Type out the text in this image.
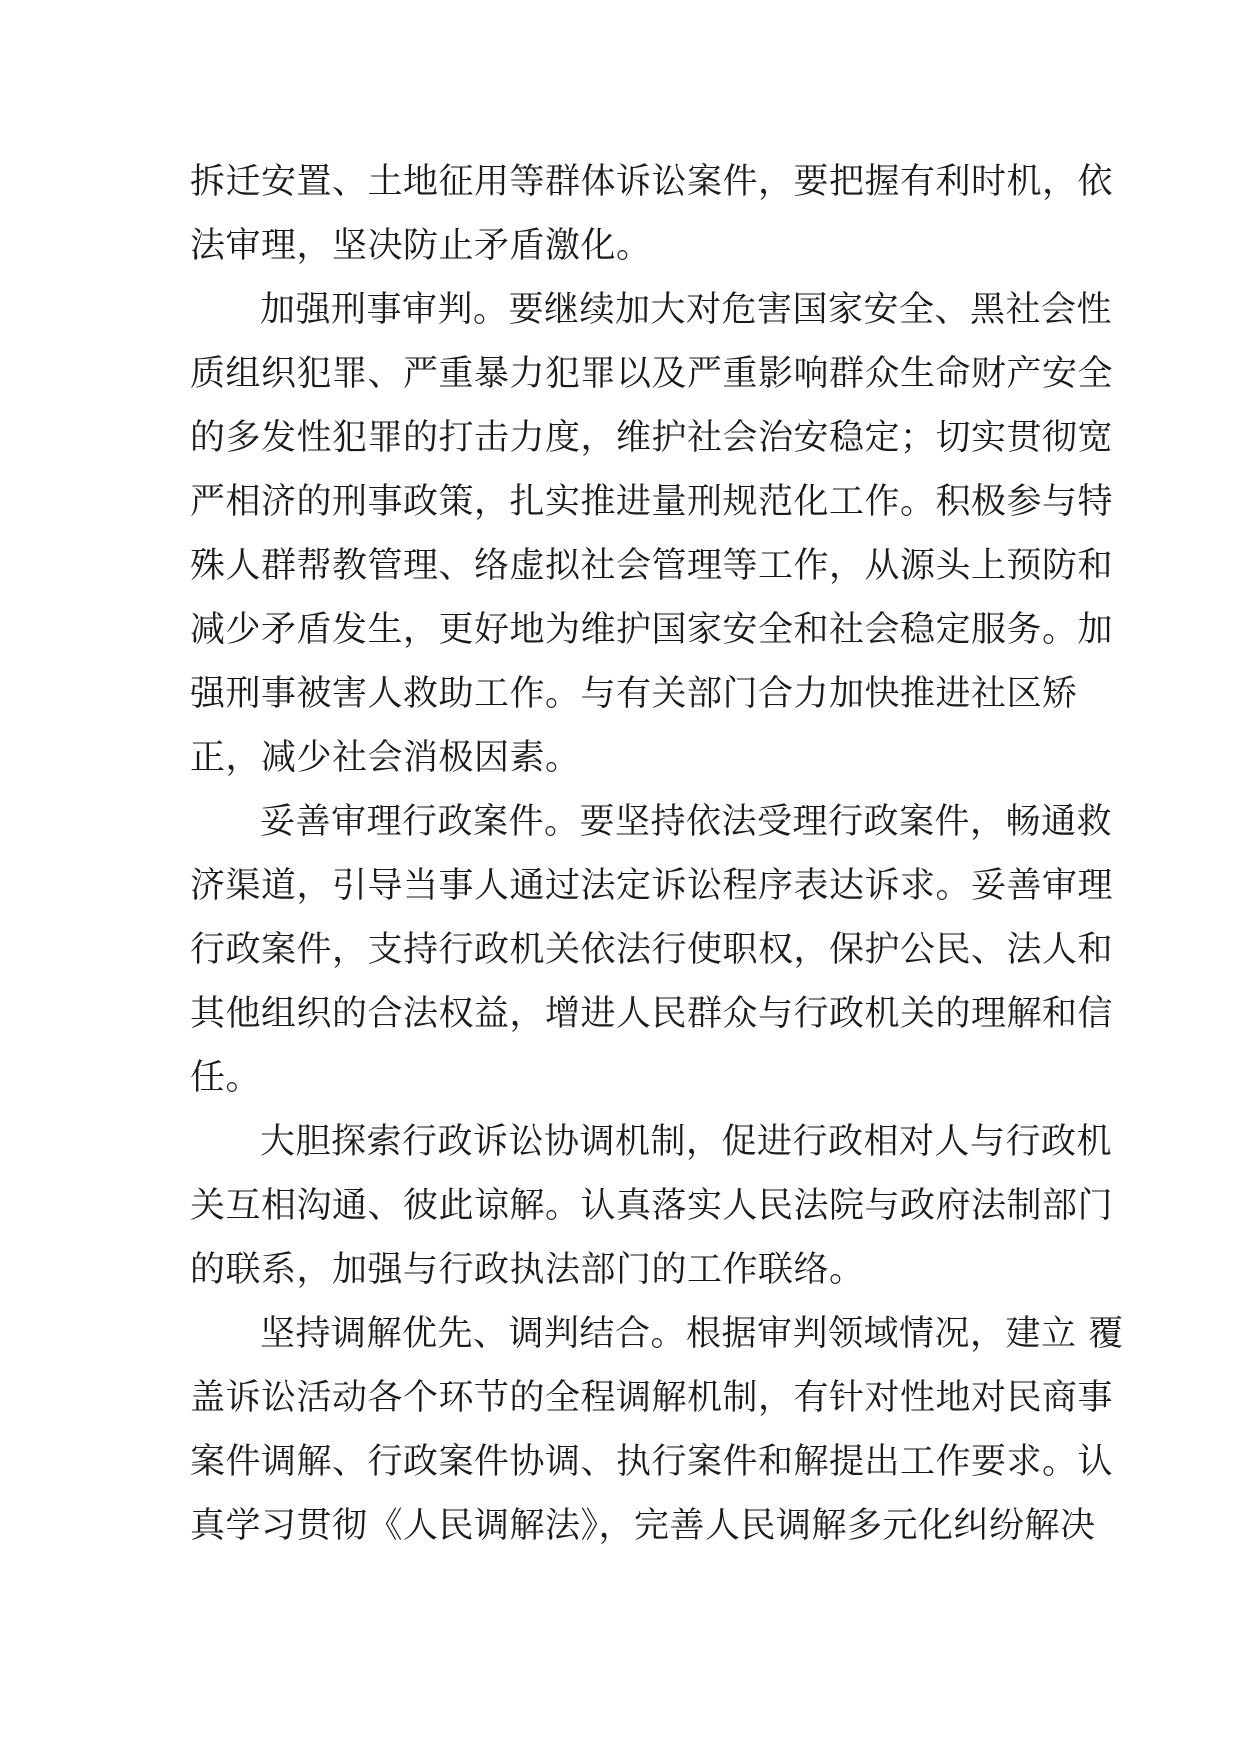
拆迁安置、土地征用等群体诉讼案件，要把握有利时机，依
法审理，坚决防止矛盾激化。
加强刑事审判。要继续加大对危害国家安全、黑社会性
质组织犯罪、严重暴力犯罪以及严重影响群众生命财产安全
的多发性犯罪的打击力度，维护社会治安稳定；切实贯彻宽
严相济的刑事政策，扎实推进量刑规范化工作。积极参与特
殊人群帮教管理、络虚拟社会管理等工作，从源头上预防和
减少矛盾发生，更好地为维护国家安全和社会稳定服务。加
强刑事被害人救助工作。与有关部门合力加快推进社区矫
正，减少社会消极因素。
妥善审理行政案件。要坚持依法受理行政案件，畅通救
济渠道，引导当事人通过法定诉讼程序表达诉求。妥善审理
行政案件，支持行政机关依法行使职权，保护公民、法人和
其他组织的合法权益，增进人民群众与行政机关的理解和信
任。
大胆探索行政诉讼协调机制，促进行政相对人与行政机
关互相沟通、彼此谅解。认真落实人民法院与政府法制部门
的联系，加强与行政执法部门的工作联络。
坚持调解优先、调判结合。根据审判领域情况，建立 覆
盖诉讼活动各个环节的全程调解机制，有针对性地对民商事
案件调解、行政案件协调、执行案件和解提出工作要求。认
真学习贯彻《人民调解法》，完善人民调解多元化纠纷解决
